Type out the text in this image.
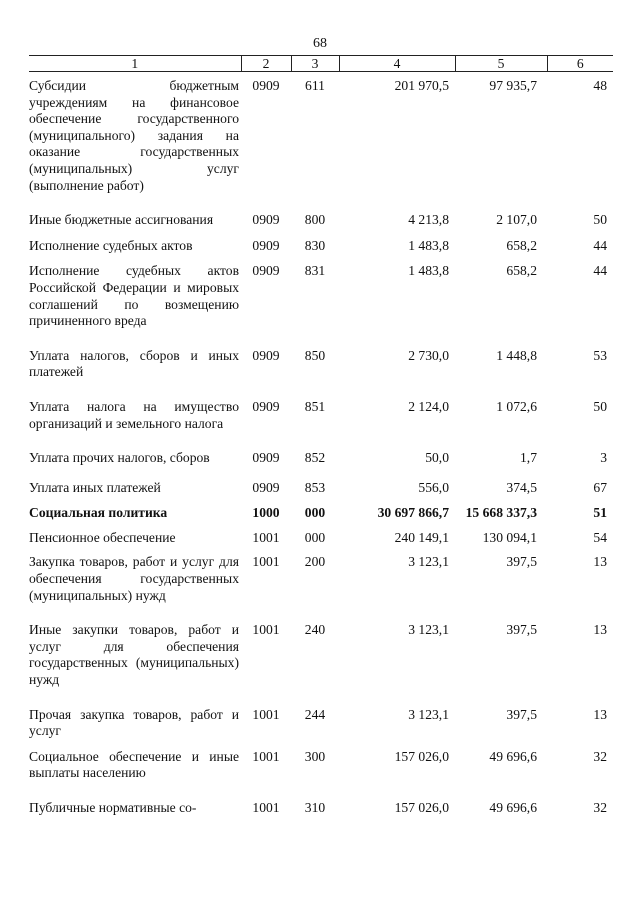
68
1	2	3	4	5	6
Субсидии бюджетным учреждениям на финансовое обеспечение государственного (муниципального) задания на оказание государственных (муниципальных) услуг (выполнение работ)	0909	611	201 970,5	97 935,7	48
Иные бюджетные ассигнования	0909	800	4 213,8	2 107,0	50
Исполнение судебных актов	0909	830	1 483,8	658,2	44
Исполнение судебных актов Российской Федерации и мировых соглашений по возмещению причиненного вреда	0909	831	1 483,8	658,2	44
Уплата налогов, сборов и иных платежей	0909	850	2 730,0	1 448,8	53
Уплата налога на имущество организаций и земельного налога	0909	851	2 124,0	1 072,6	50
Уплата прочих налогов, сборов	0909	852	50,0	1,7	3
Уплата иных платежей	0909	853	556,0	374,5	67
Социальная политика	1000	000	30 697 866,7	15 668 337,3	51
Пенсионное обеспечение	1001	000	240 149,1	130 094,1	54
Закупка товаров, работ и услуг для обеспечения государственных (муниципальных) нужд	1001	200	3 123,1	397,5	13
Иные закупки товаров, работ и услуг для обеспечения государственных (муниципальных) нужд	1001	240	3 123,1	397,5	13
Прочая закупка товаров, работ и услуг	1001	244	3 123,1	397,5	13
Социальное обеспечение и иные выплаты населению	1001	300	157 026,0	49 696,6	32
Публичные нормативные со-	1001	310	157 026,0	49 696,6	32
